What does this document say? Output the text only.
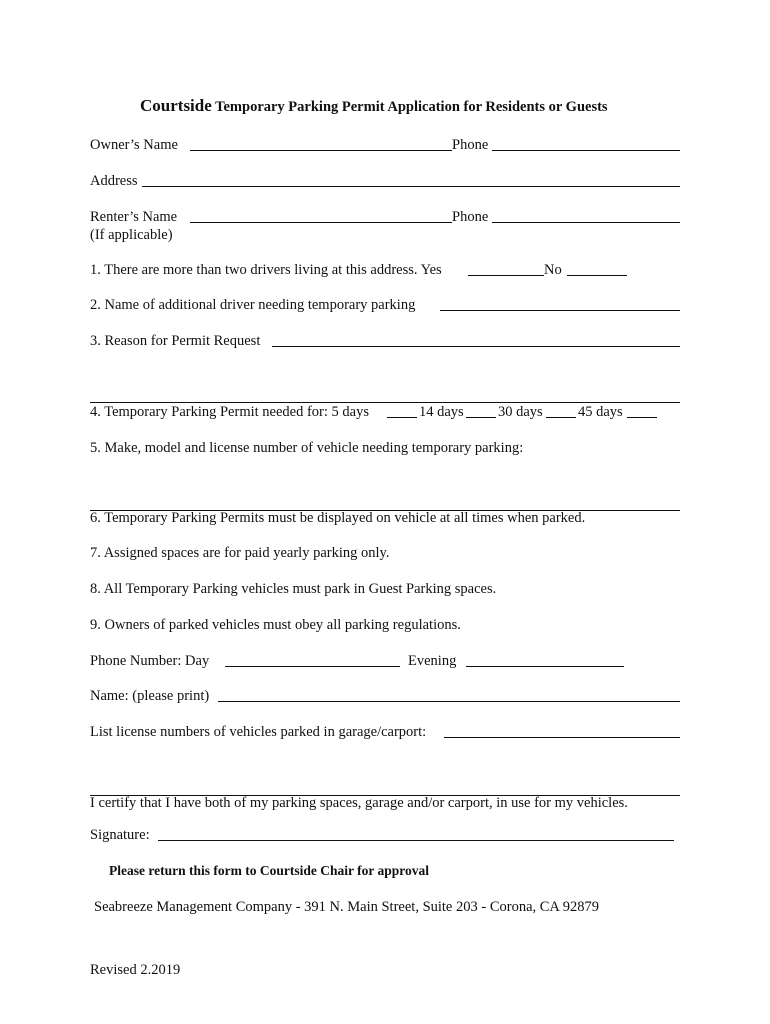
Courtside Temporary Parking Permit Application for Residents or Guests
Owner’s Name	Phone
Address
Renter’s Name	Phone
(If applicable)
1. There are more than two drivers living at this address. Yes	No
2. Name of additional driver needing temporary parking
3. Reason for Permit Request
4. Temporary Parking Permit needed for: 5 days	14 days 30 days 45 days
5. Make, model and license number of vehicle needing temporary parking:
6. Temporary Parking Permits must be displayed on vehicle at all times when parked.
7. Assigned spaces are for paid yearly parking only.
8. All Temporary Parking vehicles must park in Guest Parking spaces.
9. Owners of parked vehicles must obey all parking regulations.
Phone Number: Day	Evening
Name: (please print)
List license numbers of vehicles parked in garage/carport:
I certify that I have both of my parking spaces, garage and/or carport, in use for my vehicles.
Signature:
Please return this form to Courtside Chair for approval
Seabreeze Management Company - 391 N. Main Street, Suite 203 - Corona, CA 92879
Revised 2.2019
